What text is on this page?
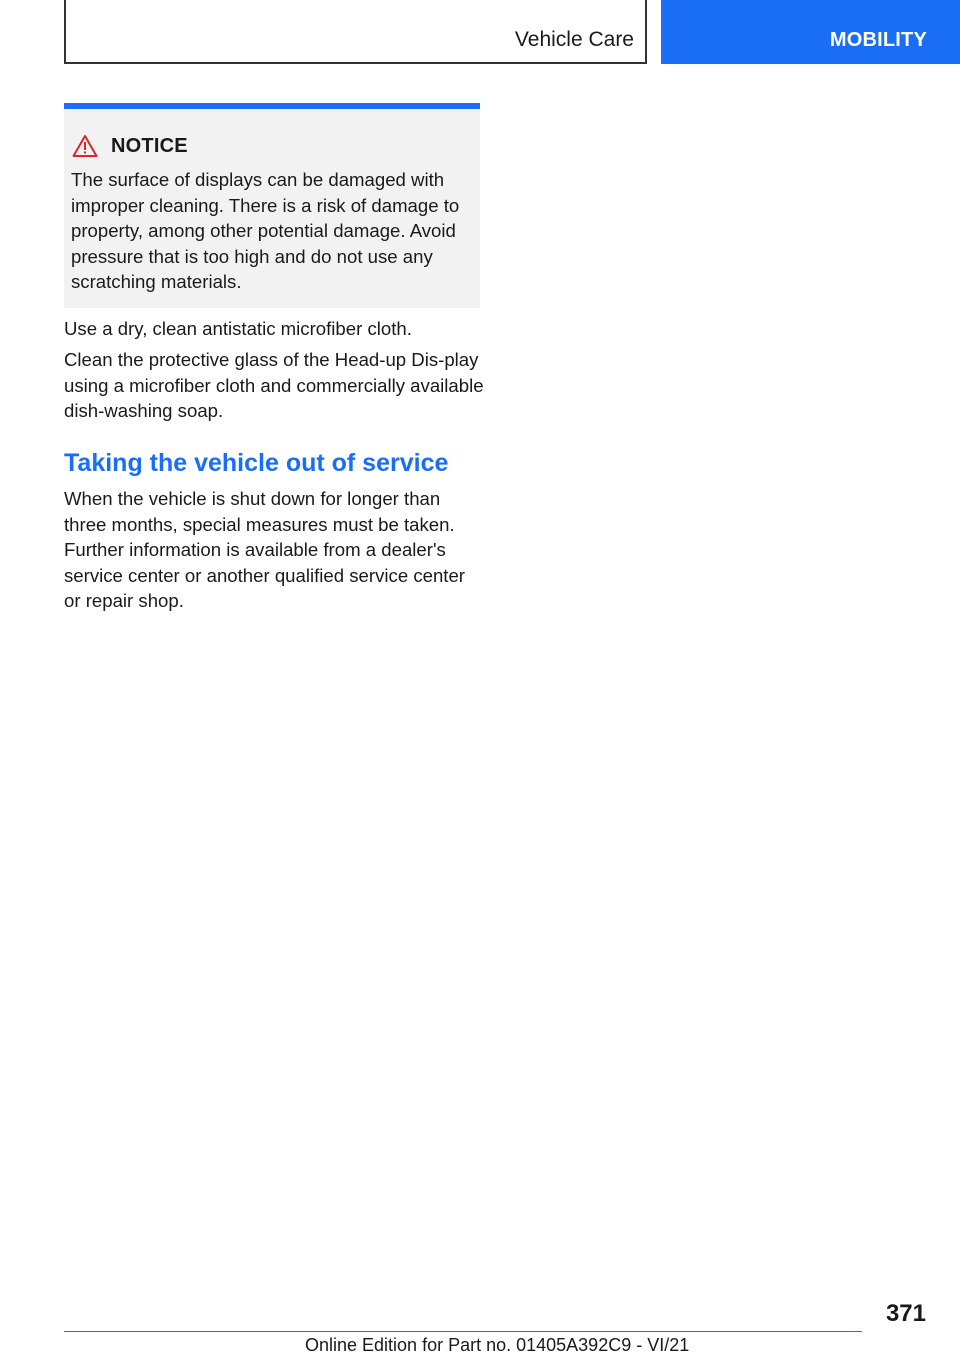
Vehicle Care	MOBILITY
NOTICE

The surface of displays can be damaged with improper cleaning. There is a risk of damage to property, among other potential damage. Avoid pressure that is too high and do not use any scratching materials.

Use a dry, clean antistatic microfiber cloth.

Clean the protective glass of the Head-up Dis-play using a microfiber cloth and commercially available dish-washing soap.

Taking the vehicle out of service

When the vehicle is shut down for longer than three months, special measures must be taken. Further information is available from a dealer's service center or another qualified service center or repair shop.

371
Online Edition for Part no. 01405A392C9 - VI/21
